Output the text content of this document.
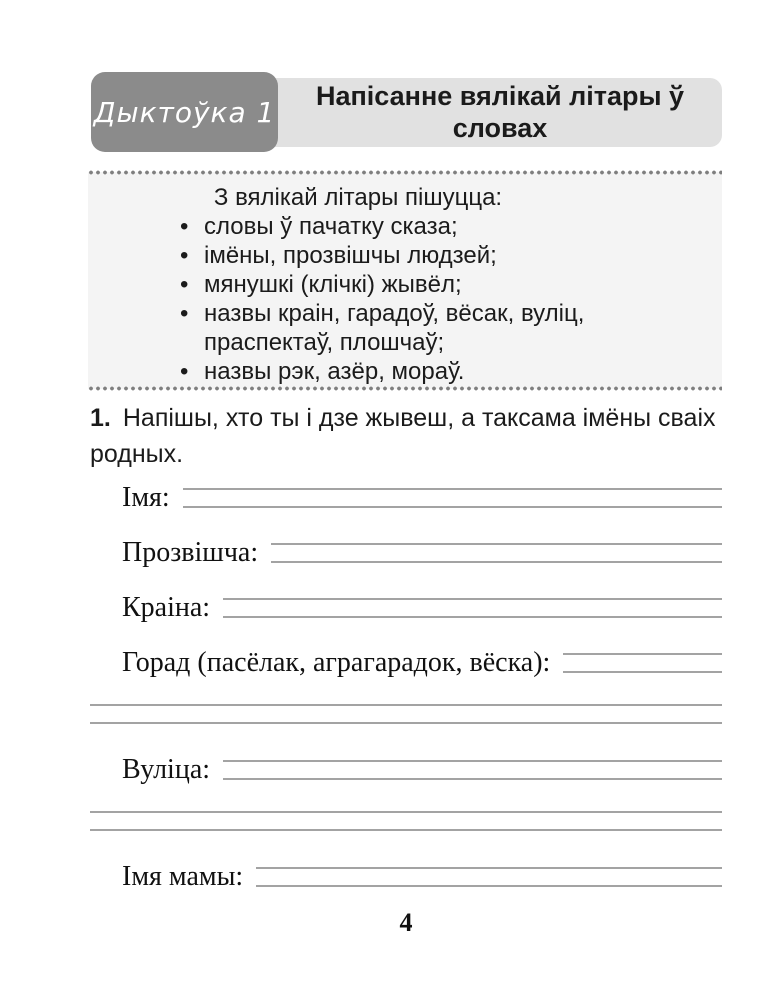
Дыктоўка 1	Напісанне вялікай літары ў словах
З вялікай літары пішуцца:
• словы ў пачатку сказа;
• імёны, прозвішчы людзей;
• мянушкі (клічкі) жывёл;
• назвы краін, гарадоў, вёсак, вуліц, праспектаў, плошчаў;
• назвы рэк, азёр, мораў.
1. Напішы, хто ты і дзе жывеш, а таксама імёны сваіх родных.
Імя:
Прозвішча:
Краіна:
Горад (пасёлак, аграгарадок, вёска):
Вуліца:
Імя мамы:
4
